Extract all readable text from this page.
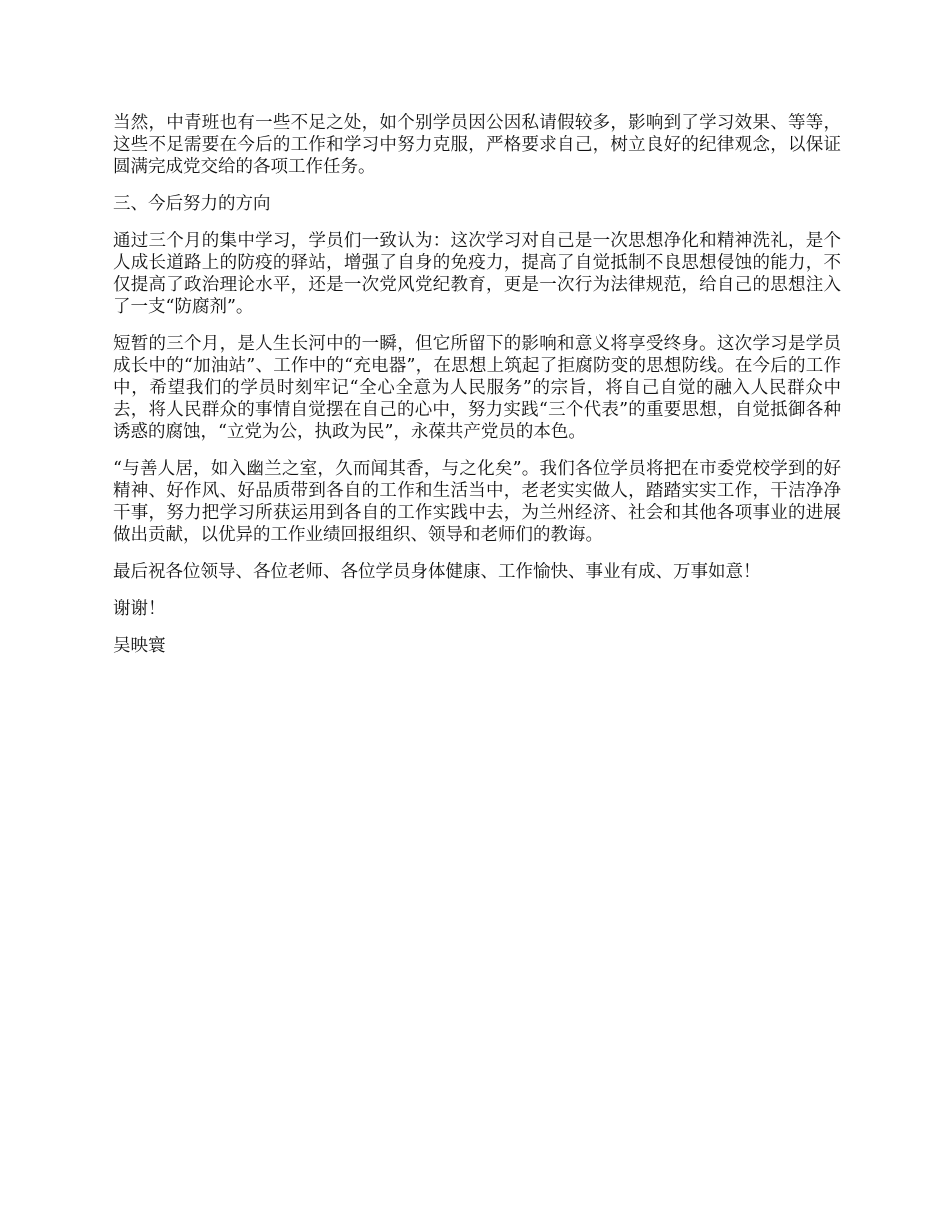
当然，中青班也有一些不足之处，如个别学员因公因私请假较多，影响到了学习效果、等等，这些不足需要在今后的工作和学习中努力克服，严格要求自己，树立良好的纪律观念，以保证圆满完成党交给的各项工作任务。

三、今后努力的方向

通过三个月的集中学习，学员们一致认为：这次学习对自己是一次思想净化和精神洗礼，是个人成长道路上的防疫的驿站，增强了自身的免疫力，提高了自觉抵制不良思想侵蚀的能力，不仅提高了政治理论水平，还是一次党风党纪教育，更是一次行为法律规范，给自己的思想注入了一支“防腐剂”。

短暂的三个月，是人生长河中的一瞬，但它所留下的影响和意义将享受终身。这次学习是学员成长中的“加油站”、工作中的“充电器”，在思想上筑起了拒腐防变的思想防线。在今后的工作中，希望我们的学员时刻牢记“全心全意为人民服务”的宗旨，将自己自觉的融入人民群众中去，将人民群众的事情自觉摆在自己的心中，努力实践“三个代表”的重要思想，自觉抵御各种诱惑的腐蚀，“立党为公，执政为民”，永葆共产党员的本色。

“与善人居，如入幽兰之室，久而闻其香，与之化矣”。我们各位学员将把在市委党校学到的好精神、好作风、好品质带到各自的工作和生活当中，老老实实做人，踏踏实实工作，干洁净净干事，努力把学习所获运用到各自的工作实践中去，为兰州经济、社会和其他各项事业的进展做出贡献，以优异的工作业绩回报组织、领导和老师们的教诲。

最后祝各位领导、各位老师、各位学员身体健康、工作愉快、事业有成、万事如意！

谢谢！

吴映寰
